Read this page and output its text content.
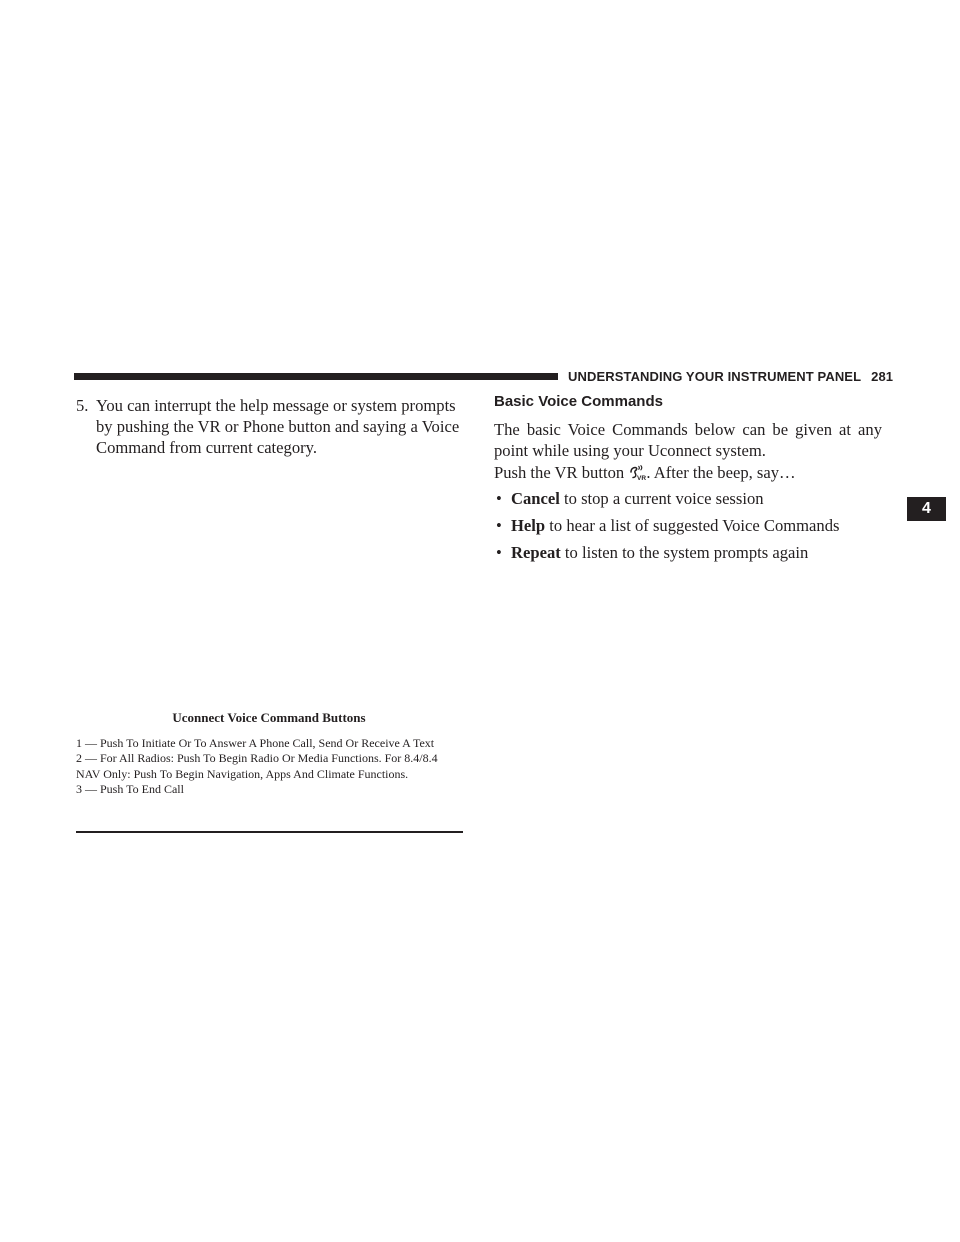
UNDERSTANDING YOUR INSTRUMENT PANEL 281
5. You can interrupt the help message or system prompts by pushing the VR or Phone button and saying a Voice Command from current category.
Uconnect Voice Command Buttons
1 — Push To Initiate Or To Answer A Phone Call, Send Or Receive A Text
2 — For All Radios: Push To Begin Radio Or Media Functions. For 8.4/8.4 NAV Only: Push To Begin Navigation, Apps And Climate Functions.
3 — Push To End Call
Basic Voice Commands
The basic Voice Commands below can be given at any point while using your Uconnect system.
Push the VR button VR . After the beep, say…
• Cancel to stop a current voice session
• Help to hear a list of suggested Voice Commands
• Repeat to listen to the system prompts again
4
